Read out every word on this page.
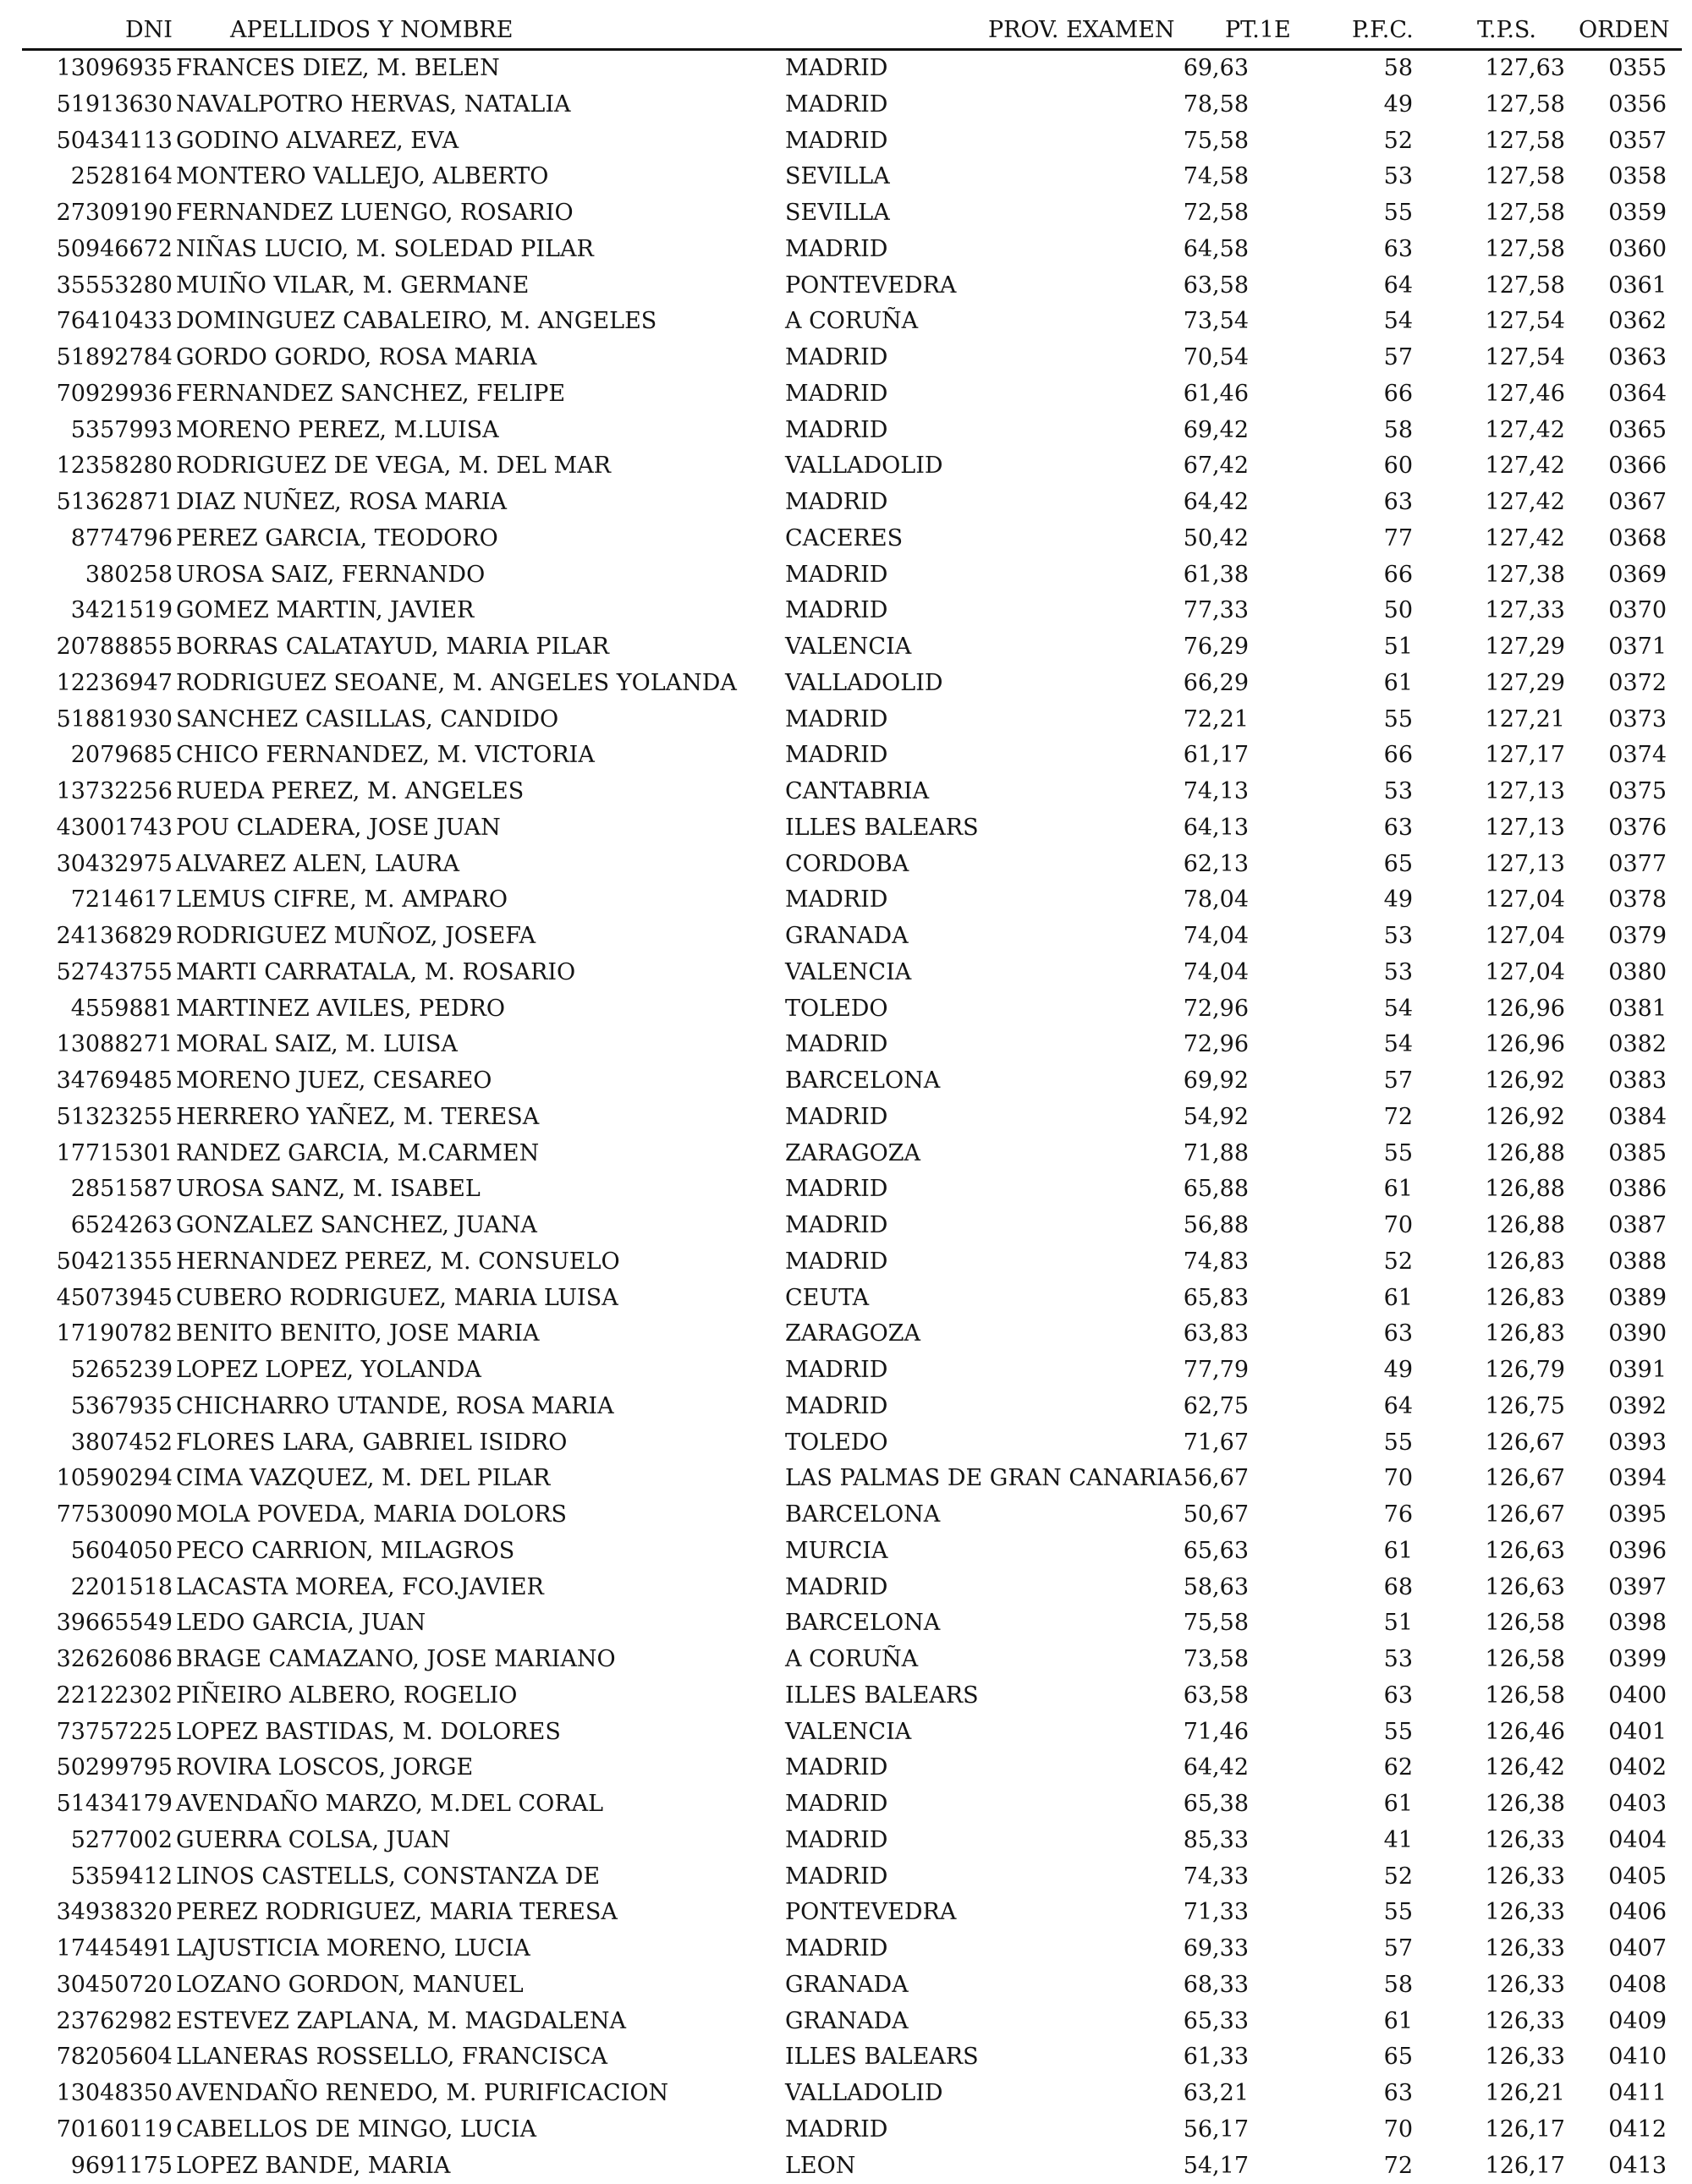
DNI	APELLIDOS Y NOMBRE	PROV. EXAMEN PT.1E	P.F.C.	T.P.S. ORDEN
13096935 FRANCES DIEZ, M. BELEN	MADRID	69,63	58	127,63 0355
51913630 NAVALPOTRO HERVAS, NATALIA	MADRID	78,58	49	127,58 0356
50434113 GODINO ALVAREZ, EVA	MADRID	75,58	52	127,58 0357
2528164 MONTERO VALLEJO, ALBERTO	SEVILLA	74,58	53	127,58 0358
27309190 FERNANDEZ LUENGO, ROSARIO	SEVILLA	72,58	55	127,58 0359
50946672 NIÑAS LUCIO, M. SOLEDAD PILAR	MADRID	64,58	63	127,58 0360
35553280 MUIÑO VILAR, M. GERMANE	PONTEVEDRA	63,58	64	127,58 0361
76410433 DOMINGUEZ CABALEIRO, M. ANGELES	A CORUÑA	73,54	54	127,54 0362
51892784 GORDO GORDO, ROSA MARIA	MADRID	70,54	57	127,54 0363
70929936 FERNANDEZ SANCHEZ, FELIPE	MADRID	61,46	66	127,46 0364
5357993 MORENO PEREZ, M.LUISA	MADRID	69,42	58	127,42 0365
12358280 RODRIGUEZ DE VEGA, M. DEL MAR	VALLADOLID	67,42	60	127,42 0366
51362871 DIAZ NUÑEZ, ROSA MARIA	MADRID	64,42	63	127,42 0367
8774796 PEREZ GARCIA, TEODORO	CACERES	50,42	77	127,42 0368
380258 UROSA SAIZ, FERNANDO	MADRID	61,38	66	127,38 0369
3421519 GOMEZ MARTIN, JAVIER	MADRID	77,33	50	127,33 0370
20788855 BORRAS CALATAYUD, MARIA PILAR	VALENCIA	76,29	51	127,29 0371
12236947 RODRIGUEZ SEOANE, M. ANGELES YOLANDA VALLADOLID	66,29	61	127,29 0372
51881930 SANCHEZ CASILLAS, CANDIDO	MADRID	72,21	55	127,21 0373
2079685 CHICO FERNANDEZ, M. VICTORIA	MADRID	61,17	66	127,17 0374
13732256 RUEDA PEREZ, M. ANGELES	CANTABRIA	74,13	53	127,13 0375
43001743 POU CLADERA, JOSE JUAN	ILLES BALEARS	64,13	63	127,13 0376
30432975 ALVAREZ ALEN, LAURA	CORDOBA	62,13	65	127,13 0377
7214617 LEMUS CIFRE, M. AMPARO	MADRID	78,04	49	127,04 0378
24136829 RODRIGUEZ MUÑOZ, JOSEFA	GRANADA	74,04	53	127,04 0379
52743755 MARTI CARRATALA, M. ROSARIO	VALENCIA	74,04	53	127,04 0380
4559881 MARTINEZ AVILES, PEDRO	TOLEDO	72,96	54	126,96 0381
13088271 MORAL SAIZ, M. LUISA	MADRID	72,96	54	126,96 0382
34769485 MORENO JUEZ, CESAREO	BARCELONA	69,92	57	126,92 0383
51323255 HERRERO YAÑEZ, M. TERESA	MADRID	54,92	72	126,92 0384
17715301 RANDEZ GARCIA, M.CARMEN	ZARAGOZA	71,88	55	126,88 0385
2851587 UROSA SANZ, M. ISABEL	MADRID	65,88	61	126,88 0386
6524263 GONZALEZ SANCHEZ, JUANA	MADRID	56,88	70	126,88 0387
50421355 HERNANDEZ PEREZ, M. CONSUELO	MADRID	74,83	52	126,83 0388
45073945 CUBERO RODRIGUEZ, MARIA LUISA	CEUTA	65,83	61	126,83 0389
17190782 BENITO BENITO, JOSE MARIA	ZARAGOZA	63,83	63	126,83 0390
5265239 LOPEZ LOPEZ, YOLANDA	MADRID	77,79	49	126,79 0391
5367935 CHICHARRO UTANDE, ROSA MARIA	MADRID	62,75	64	126,75 0392
3807452 FLORES LARA, GABRIEL ISIDRO	TOLEDO	71,67	55	126,67 0393
10590294 CIMA VAZQUEZ, M. DEL PILAR	LAS PALMAS DE GRAN CANARIA 56,67	70	126,67 0394
77530090 MOLA POVEDA, MARIA DOLORS	BARCELONA	50,67	76	126,67 0395
5604050 PECO CARRION, MILAGROS	MURCIA	65,63	61	126,63 0396
2201518 LACASTA MOREA, FCO.JAVIER	MADRID	58,63	68	126,63 0397
39665549 LEDO GARCIA, JUAN	BARCELONA	75,58	51	126,58 0398
32626086 BRAGE CAMAZANO, JOSE MARIANO	A CORUÑA	73,58	53	126,58 0399
22122302 PIÑEIRO ALBERO, ROGELIO	ILLES BALEARS	63,58	63	126,58 0400
73757225 LOPEZ BASTIDAS, M. DOLORES	VALENCIA	71,46	55	126,46 0401
50299795 ROVIRA LOSCOS, JORGE	MADRID	64,42	62	126,42 0402
51434179 AVENDAÑO MARZO, M.DEL CORAL	MADRID	65,38	61	126,38 0403
5277002 GUERRA COLSA, JUAN	MADRID	85,33	41	126,33 0404
5359412 LINOS CASTELLS, CONSTANZA DE	MADRID	74,33	52	126,33 0405
34938320 PEREZ RODRIGUEZ, MARIA TERESA	PONTEVEDRA	71,33	55	126,33 0406
17445491 LAJUSTICIA MORENO, LUCIA	MADRID	69,33	57	126,33 0407
30450720 LOZANO GORDON, MANUEL	GRANADA	68,33	58	126,33 0408
23762982 ESTEVEZ ZAPLANA, M. MAGDALENA	GRANADA	65,33	61	126,33 0409
78205604 LLANERAS ROSSELLO, FRANCISCA	ILLES BALEARS	61,33	65	126,33 0410
13048350 AVENDAÑO RENEDO, M. PURIFICACION	VALLADOLID	63,21	63	126,21 0411
70160119 CABELLOS DE MINGO, LUCIA	MADRID	56,17	70	126,17 0412
9691175 LOPEZ BANDE, MARIA	LEON	54,17	72	126,17 0413
